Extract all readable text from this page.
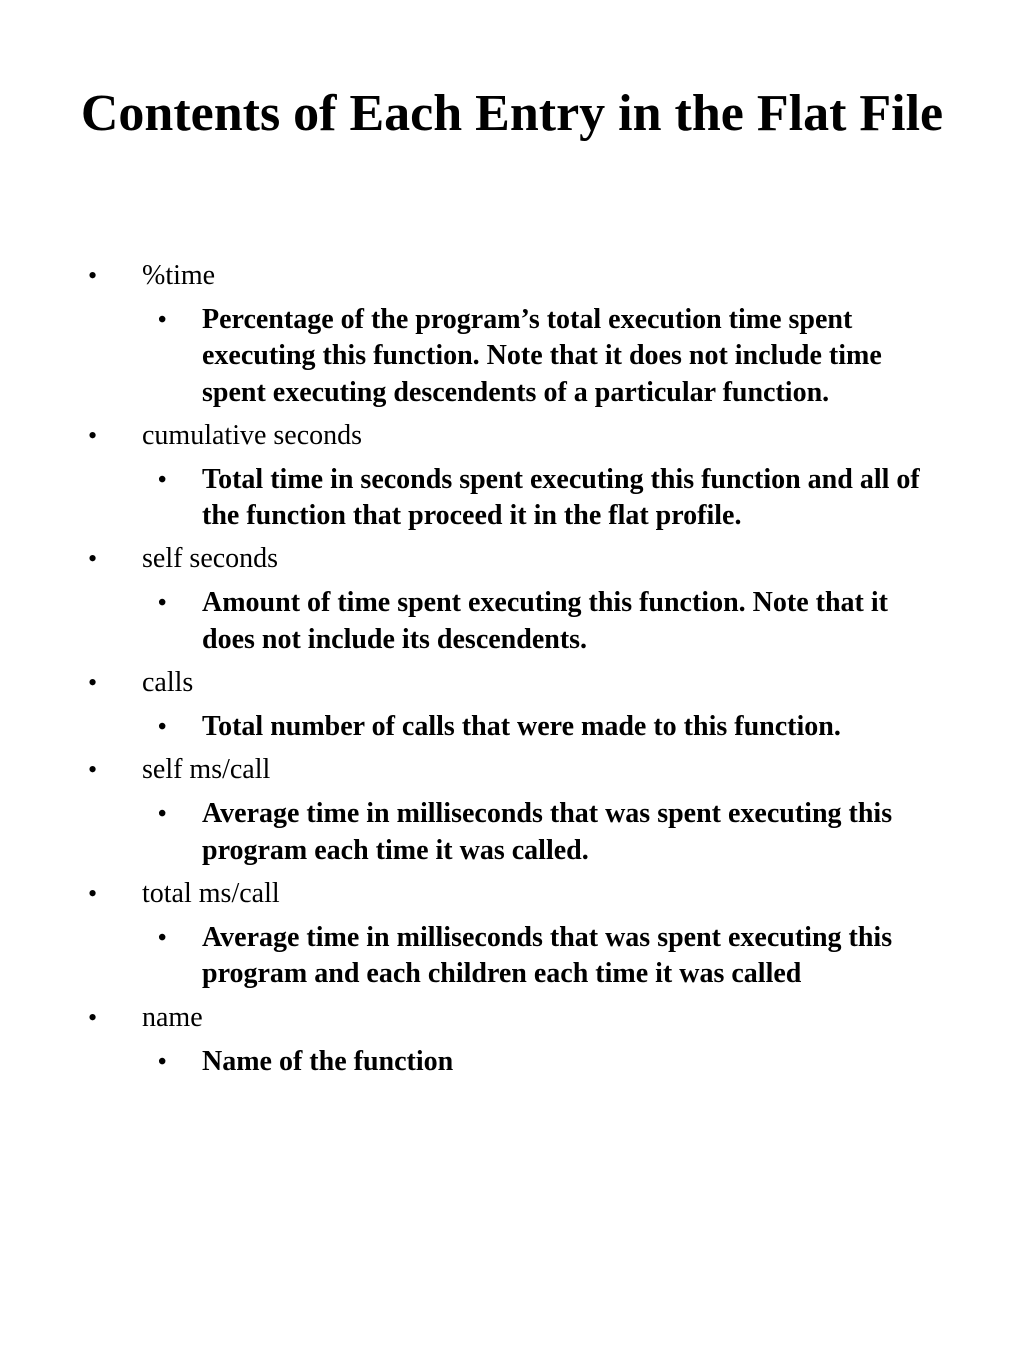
Contents of Each Entry in the Flat File
• %time
• Percentage of the program’s total execution time spent executing this function. Note that it does not include time spent executing descendents of a particular function.
• cumulative seconds
• Total time in seconds spent executing this function and all of the function that proceed it in the flat profile.
• self seconds
• Amount of time spent executing this function. Note that it does not include its descendents.
• calls
• Total number of calls that were made to this function.
• self ms/call
• Average time in milliseconds that was spent executing this program each time it was called.
• total ms/call
• Average time in milliseconds that was spent executing this program and each children each time it was called
• name
• Name of the function
